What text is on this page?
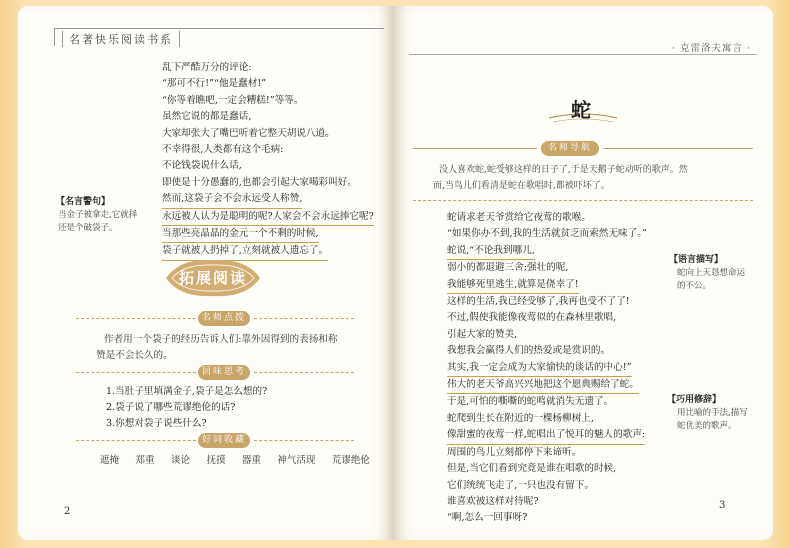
名著快乐阅读书系
乱下严酷万分的评论:
“那可不行!”“他是蠢材!”
“你等着瞧吧,一定会糟糕!”等等。
虽然它说的都是蠢话,
大家却张大了嘴巴听着它整天胡说八道。
不幸得很,人类都有这个毛病:
不论钱袋说什么话,
即使是十分愚蠢的,也都会引起大家喝彩叫好。
然而,这袋子会不会永远受人称赞,
永远被人认为是聪明的呢?人家会不会永远捧它呢?
当那些亮晶晶的金元一个不剩的时候,
袋子就被人扔掉了,立刻就被人遗忘了。
【名言警句】
当金子被拿走,它就择还是个破袋子。
拓展阅读
名师点拨
作者用一个袋子的经历告诉人们:靠外因得到的表扬和称
赞是不会长久的。
回味思考
1.当肚子里填满金子,袋子是怎么想的?
2.袋子说了哪些荒谬绝伦的话?
3.你想对袋子说些什么?
好词收藏
遮掩 郑重 谈论 抚摸 器重 神气活现 荒谬绝伦
2
· 克雷洛夫寓言 ·
蛇
名师导航
没人喜欢蛇,蛇受够这样的日子了,于是天鹅子蛇动听的歌声。然
而,当鸟儿们看清是蛇在歌唱时,都被吓坏了。
蛇请求老天爷赏给它夜莺的歌喉。
“如果你办不到,我的生活就贫乏而索然无味了。”
蛇说,“不论我到哪儿,
弱小的都退避三舍;强壮的呢,
我能够死里逃生,就算是侥幸了!
这样的生活,我已经受够了,我再也受不了了!
不过,假使我能像夜莺似的在森林里歌唱,
引起大家的赞美,
我想我会赢得人们的热爱或是赏识的。
其实,我一定会成为大家愉快的谈话的中心!”
伟大的老天爷高兴兴地把这个愿典赐给了蛇。
于是,可怕的嘶嘶的蛇鸣就消失无遗了。
蛇爬到生长在附近的一棵杨柳树上,
像甜蜜的夜莺一样,蛇唱出了悦耳的魅人的歌声:
周围的鸟儿立刻都停下来谛听。
但是,当它们看到究竟是谁在唱歌的时候,
它们统统飞走了,一只也没有留下。
谁喜欢被这样对待呢?
“啊,怎么一回事呀?
【语言描写】
蛇向上天恳想命运的不公。
【巧用修辞】
用比喻的手法,描写蛇优美的歌声。
3
